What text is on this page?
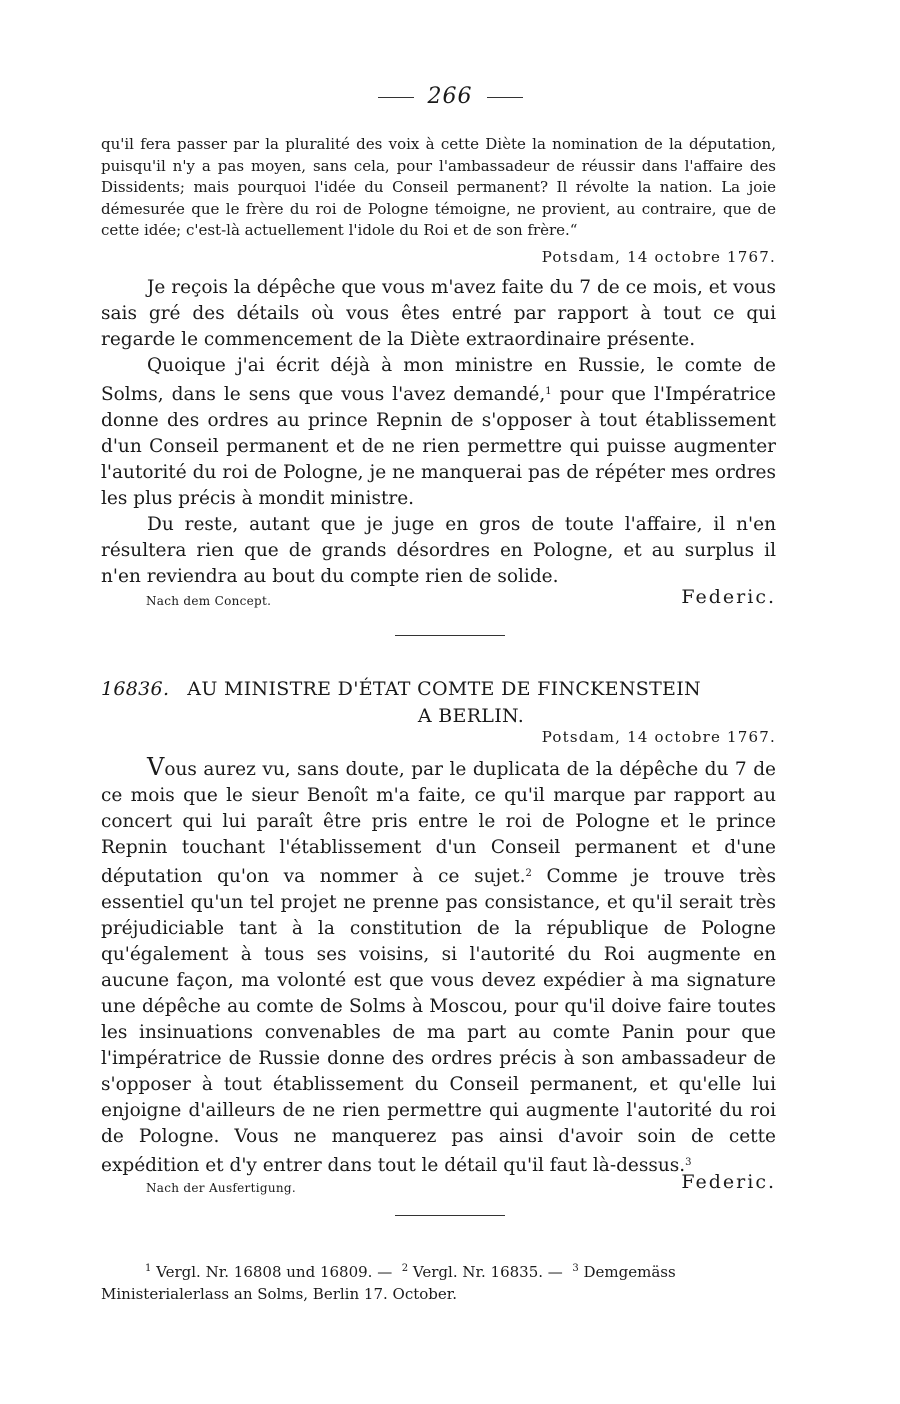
266

qu'il fera passer par la pluralité des voix à cette Diète la nomination de la députation, puisqu'il n'y a pas moyen, sans cela, pour l'ambassadeur de réussir dans l'affaire des Dissidents; mais pourquoi l'idée du Conseil permanent? Il révolte la nation. La joie démesurée que le frère du roi de Pologne témoigne, ne provient, au contraire, que de cette idée; c'est-là actuellement l'idole du Roi et de son frère.“

Potsdam, 14 octobre 1767.

Je reçois la dépêche que vous m'avez faite du 7 de ce mois, et vous sais gré des détails où vous êtes entré par rapport à tout ce qui regarde le commencement de la Diète extraordinaire présente.

Quoique j'ai écrit déjà à mon ministre en Russie, le comte de Solms, dans le sens que vous l'avez demandé,$^1$ pour que l'Impératrice donne des ordres au prince Repnin de s'opposer à tout établissement d'un Conseil permanent et de ne rien permettre qui puisse augmenter l'autorité du roi de Pologne, je ne manquerai pas de répéter mes ordres les plus précis à mondit ministre.

Du reste, autant que je juge en gros de toute l'affaire, il n'en résultera rien que de grands désordres en Pologne, et au surplus il n'en reviendra au bout du compte rien de solide.

Nach dem Concept.	Federic.
16836. AU MINISTRE D'ÉTAT COMTE DE FINCKENSTEIN
A BERLIN.
Potsdam, 14 octobre 1767.

Vous aurez vu, sans doute, par le duplicata de la dépêche du 7 de ce mois que le sieur Benoît m'a faite, ce qu'il marque par rapport au concert qui lui paraît être pris entre le roi de Pologne et le prince Repnin touchant l'établissement d'un Conseil permanent et d'une députation qu'on va nommer à ce sujet.$^2$ Comme je trouve très essentiel qu'un tel projet ne prenne pas consistance, et qu'il serait très préjudiciable tant à la constitution de la république de Pologne qu'également à tous ses voisins, si l'autorité du Roi augmente en aucune façon, ma volonté est que vous devez expédier à ma signature une dépêche au comte de Solms à Moscou, pour qu'il doive faire toutes les insinuations convenables de ma part au comte Panin pour que l'impératrice de Russie donne des ordres précis à son ambassadeur de s'opposer à tout établissement du Conseil permanent, et qu'elle lui enjoigne d'ailleurs de ne rien permettre qui augmente l'autorité du roi de Pologne. Vous ne manquerez pas ainsi d'avoir soin de cette expédition et d'y entrer dans tout le détail qu'il faut là-dessus.$^3$

Nach der Ausfertigung.	Federic.
$^1$ Vergl. Nr. 16808 und 16809. — $^2$ Vergl. Nr. 16835. — $^3$ Demgemäss
Ministerialerlass an Solms, Berlin 17. October.
